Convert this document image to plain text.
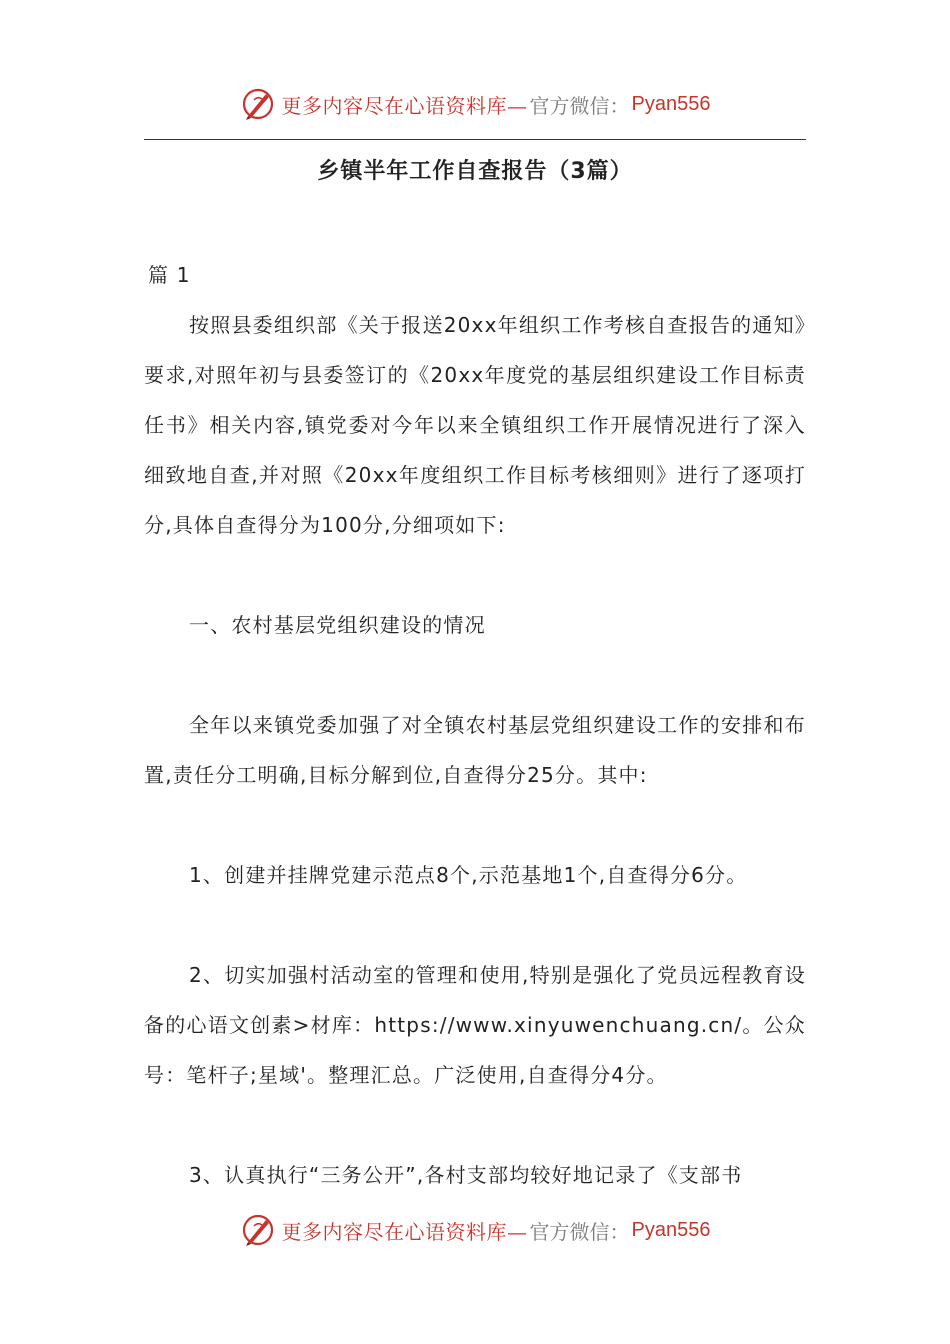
更多内容尽在心语资料库— 官方微信： Pyan556
乡镇半年工作自查报告（3篇）

篇 1

按照县委组织部《关于报送20xx年组织工作考核自查报告的通知》要求,对照年初与县委签订的《20xx年度党的基层组织建设工作目标责任书》相关内容,镇党委对今年以来全镇组织工作开展情况进行了深入细致地自查,并对照《20xx年度组织工作目标考核细则》进行了逐项打分,具体自查得分为100分,分细项如下:

一、农村基层党组织建设的情况

全年以来镇党委加强了对全镇农村基层党组织建设工作的安排和布置,责任分工明确,目标分解到位,自查得分25分。其中:

1、创建并挂牌党建示范点8个,示范基地1个,自查得分6分。

2、切实加强村活动室的管理和使用,特别是强化了党员远程教育设备的心语文创素>材库：https://www.xinyuwenchuang.cn/。公众号：笔杆子;星域'。整理汇总。广泛使用,自查得分4分。

3、认真执行“三务公开”,各村支部均较好地记录了《支部书

更多内容尽在心语资料库— 官方微信： Pyan556
